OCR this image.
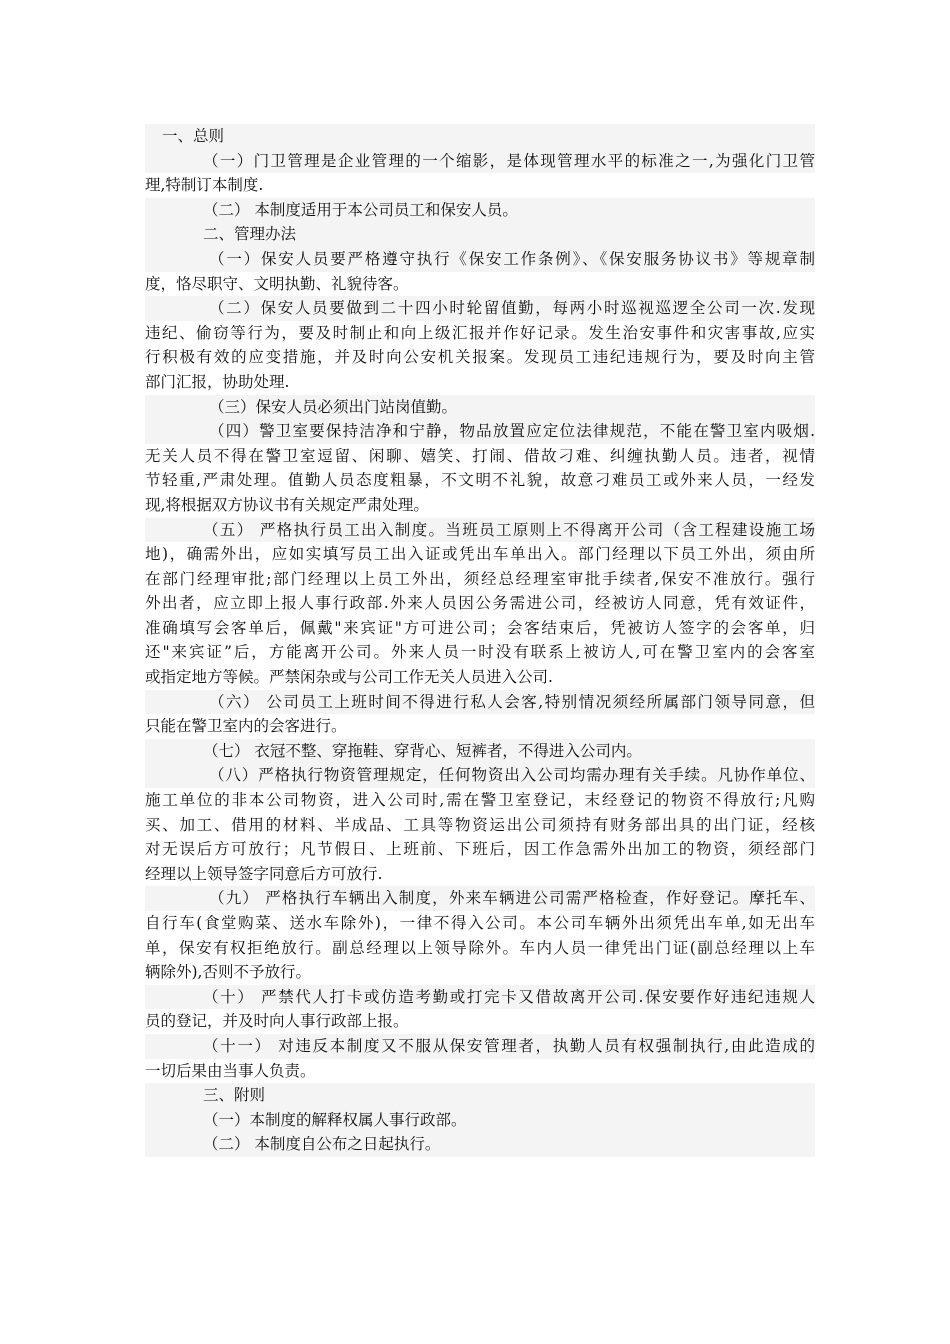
一、总则
（一）门卫管理是企业管理的一个缩影，是体现管理水平的标准之一,为强化门卫管
理,特制订本制度.
（二） 本制度适用于本公司员工和保安人员。
二、管理办法
（一）保安人员要严格遵守执行《保安工作条例》、《保安服务协议书》等规章制
度，恪尽职守、文明执勤、礼貌待客。
（二）保安人员要做到二十四小时轮留值勤，每两小时巡视巡逻全公司一次.发现
违纪、偷窃等行为，要及时制止和向上级汇报并作好记录。发生治安事件和灾害事故,应实
行积极有效的应变措施，并及时向公安机关报案。发现员工违纪违规行为，要及时向主管
部门汇报，协助处理.
（三）保安人员必须出门站岗值勤。
（四）警卫室要保持洁净和宁静，物品放置应定位法律规范，不能在警卫室内吸烟.
无关人员不得在警卫室逗留、闲聊、嬉笑、打闹、借故刁难、纠缠执勤人员。违者，视情
节轻重,严肃处理。值勤人员态度粗暴，不文明不礼貌，故意刁难员工或外来人员，一经发
现,将根据双方协议书有关规定严肃处理。
（五） 严格执行员工出入制度。当班员工原则上不得离开公司（含工程建设施工场
地)，确需外出，应如实填写员工出入证或凭出车单出入。部门经理以下员工外出，须由所
在部门经理审批;部门经理以上员工外出，须经总经理室审批手续者,保安不准放行。强行
外出者，应立即上报人事行政部.外来人员因公务需进公司，经被访人同意，凭有效证件，
准确填写会客单后，佩戴"来宾证"方可进公司；会客结束后，凭被访人签字的会客单，归
还"来宾证”后，方能离开公司。外来人员一时没有联系上被访人,可在警卫室内的会客室
或指定地方等候。严禁闲杂或与公司工作无关人员进入公司.
（六） 公司员工上班时间不得进行私人会客,特别情况须经所属部门领导同意，但
只能在警卫室内的会客进行。
（七） 衣冠不整、穿拖鞋、穿背心、短裤者，不得进入公司内。
（八）严格执行物资管理规定，任何物资出入公司均需办理有关手续。凡协作单位、
施工单位的非本公司物资，进入公司时,需在警卫室登记，末经登记的物资不得放行;凡购
买、加工、借用的材料、半成品、工具等物资运出公司须持有财务部出具的出门证，经核
对无误后方可放行；凡节假日、上班前、下班后，因工作急需外出加工的物资，须经部门
经理以上领导签字同意后方可放行.
（九） 严格执行车辆出入制度，外来车辆进公司需严格检查，作好登记。摩托车、
自行车(食堂购菜、送水车除外)，一律不得入公司。本公司车辆外出须凭出车单,如无出车
单，保安有权拒绝放行。副总经理以上领导除外。车内人员一律凭出门证(副总经理以上车
辆除外),否则不予放行。
（十） 严禁代人打卡或仿造考勤或打完卡又借故离开公司.保安要作好违纪违规人
员的登记，并及时向人事行政部上报。
（十一） 对违反本制度又不服从保安管理者，执勤人员有权强制执行,由此造成的
一切后果由当事人负责。
三、附则
（一）本制度的解释权属人事行政部。
（二） 本制度自公布之日起执行。
